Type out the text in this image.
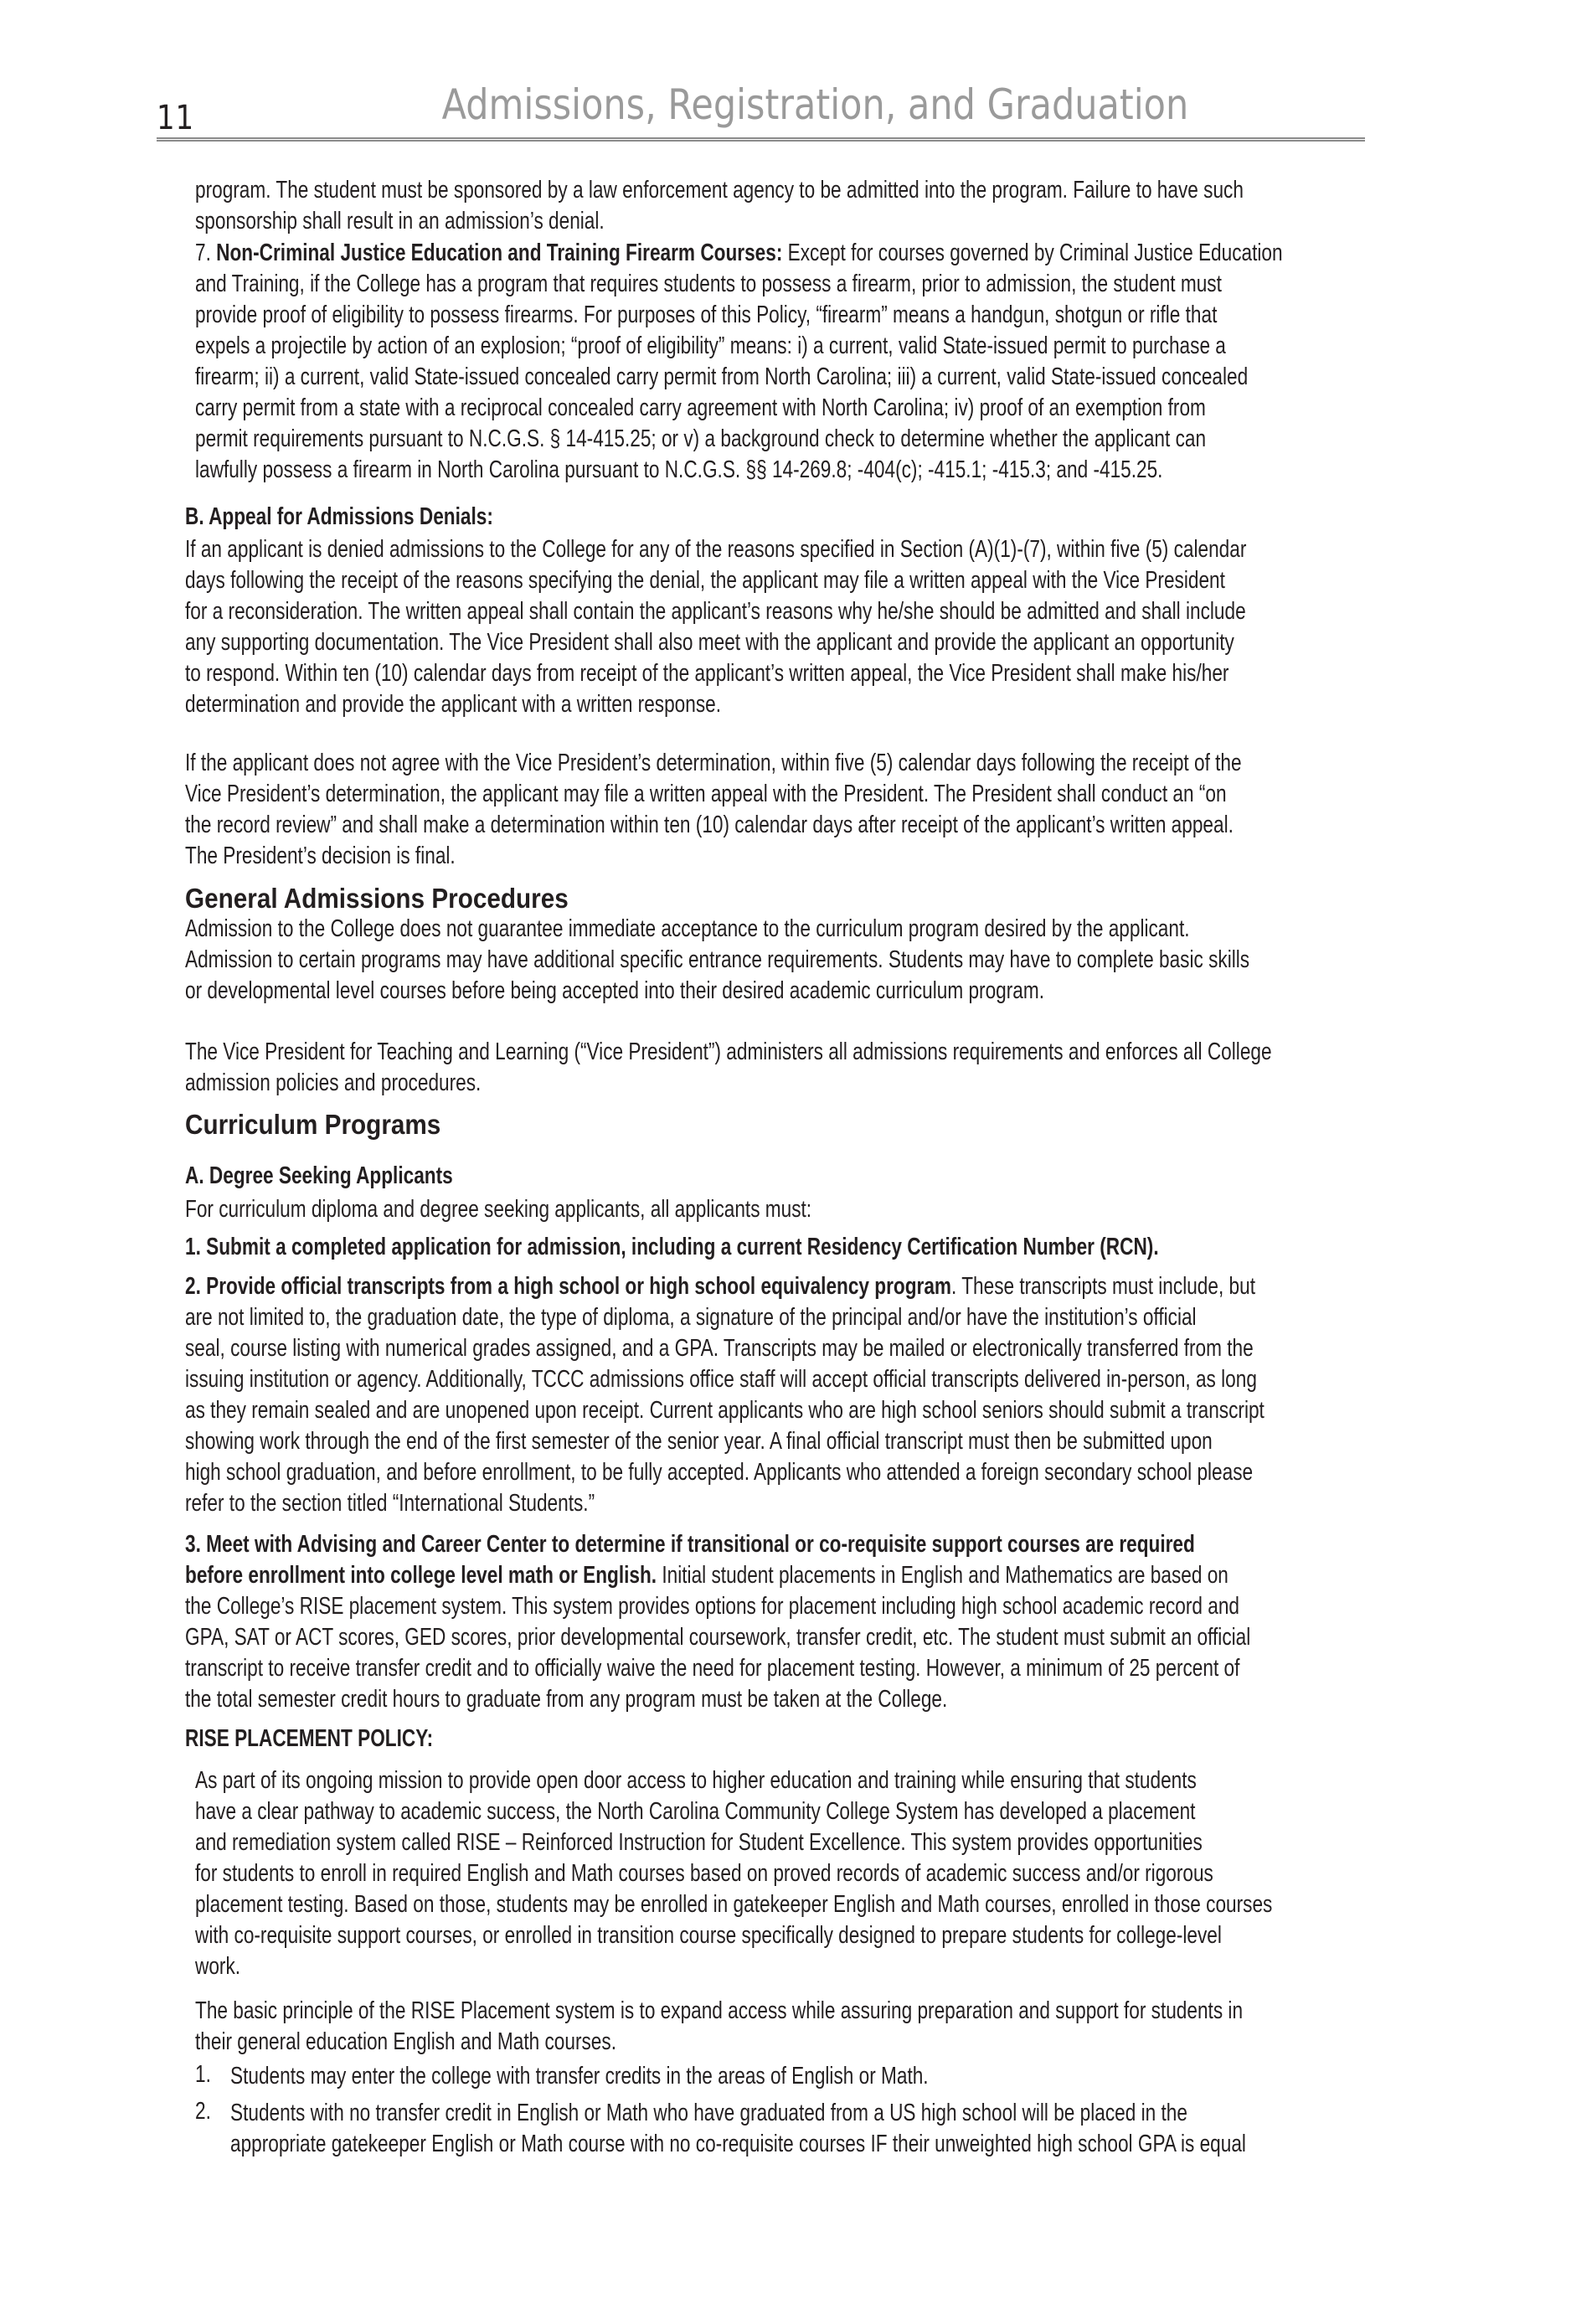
11	Admissions, Registration, and Graduation
program. The student must be sponsored by a law enforcement agency to be admitted into the program. Failure to have such
sponsorship shall result in an admission’s denial.
7. Non-Criminal Justice Education and Training Firearm Courses: Except for courses governed by Criminal Justice Education
and Training, if the College has a program that requires students to possess a firearm, prior to admission, the student must
provide proof of eligibility to possess firearms. For purposes of this Policy, “firearm” means a handgun, shotgun or rifle that
expels a projectile by action of an explosion; “proof of eligibility” means: i) a current, valid State-issued permit to purchase a
firearm; ii) a current, valid State-issued concealed carry permit from North Carolina; iii) a current, valid State-issued concealed
carry permit from a state with a reciprocal concealed carry agreement with North Carolina; iv) proof of an exemption from
permit requirements pursuant to N.C.G.S. § 14-415.25; or v) a background check to determine whether the applicant can
lawfully possess a firearm in North Carolina pursuant to N.C.G.S. §§ 14-269.8; -404(c); -415.1; -415.3; and -415.25.
B. Appeal for Admissions Denials:
If an applicant is denied admissions to the College for any of the reasons specified in Section (A)(1)-(7), within five (5) calendar
days following the receipt of the reasons specifying the denial, the applicant may file a written appeal with the Vice President
for a reconsideration. The written appeal shall contain the applicant’s reasons why he/she should be admitted and shall include
any supporting documentation. The Vice President shall also meet with the applicant and provide the applicant an opportunity
to respond. Within ten (10) calendar days from receipt of the applicant’s written appeal, the Vice President shall make his/her
determination and provide the applicant with a written response.
If the applicant does not agree with the Vice President’s determination, within five (5) calendar days following the receipt of the
Vice President’s determination, the applicant may file a written appeal with the President. The President shall conduct an “on
the record review” and shall make a determination within ten (10) calendar days after receipt of the applicant’s written appeal.
The President’s decision is final.
General Admissions Procedures
Admission to the College does not guarantee immediate acceptance to the curriculum program desired by the applicant.
Admission to certain programs may have additional specific entrance requirements. Students may have to complete basic skills
or developmental level courses before being accepted into their desired academic curriculum program.
The Vice President for Teaching and Learning (“Vice President”) administers all admissions requirements and enforces all College
admission policies and procedures.
Curriculum Programs
A. Degree Seeking Applicants
For curriculum diploma and degree seeking applicants, all applicants must:
1. Submit a completed application for admission, including a current Residency Certification Number (RCN).
2. Provide official transcripts from a high school or high school equivalency program. These transcripts must include, but
are not limited to, the graduation date, the type of diploma, a signature of the principal and/or have the institution’s official
seal, course listing with numerical grades assigned, and a GPA. Transcripts may be mailed or electronically transferred from the
issuing institution or agency. Additionally, TCCC admissions office staff will accept official transcripts delivered in-person, as long
as they remain sealed and are unopened upon receipt. Current applicants who are high school seniors should submit a transcript
showing work through the end of the first semester of the senior year. A final official transcript must then be submitted upon
high school graduation, and before enrollment, to be fully accepted. Applicants who attended a foreign secondary school please
refer to the section titled “International Students.”
3. Meet with Advising and Career Center to determine if transitional or co-requisite support courses are required
before enrollment into college level math or English. Initial student placements in English and Mathematics are based on
the College’s RISE placement system. This system provides options for placement including high school academic record and
GPA, SAT or ACT scores, GED scores, prior developmental coursework, transfer credit, etc. The student must submit an official
transcript to receive transfer credit and to officially waive the need for placement testing. However, a minimum of 25 percent of
the total semester credit hours to graduate from any program must be taken at the College.
RISE PLACEMENT POLICY:
As part of its ongoing mission to provide open door access to higher education and training while ensuring that students
have a clear pathway to academic success, the North Carolina Community College System has developed a placement
and remediation system called RISE – Reinforced Instruction for Student Excellence. This system provides opportunities
for students to enroll in required English and Math courses based on proved records of academic success and/or rigorous
placement testing. Based on those, students may be enrolled in gatekeeper English and Math courses, enrolled in those courses
with co-requisite support courses, or enrolled in transition course specifically designed to prepare students for college-level
work.
The basic principle of the RISE Placement system is to expand access while assuring preparation and support for students in
their general education English and Math courses.
1. Students may enter the college with transfer credits in the areas of English or Math.
2. Students with no transfer credit in English or Math who have graduated from a US high school will be placed in the
appropriate gatekeeper English or Math course with no co-requisite courses IF their unweighted high school GPA is equal
